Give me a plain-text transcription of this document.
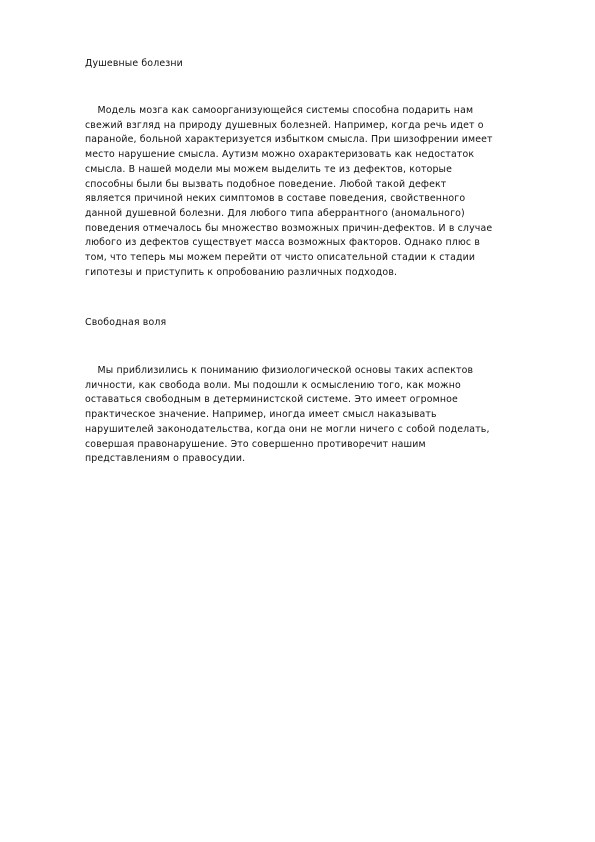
Душевные болезни
Модель мозга как самоорганизующейся системы способна подарить нам
свежий взгляд на природу душевных болезней. Например, когда речь идет о
паранойе, больной характеризуется избытком смысла. При шизофрении имеет
место нарушение смысла. Аутизм можно охарактеризовать как недостаток
смысла. В нашей модели мы можем выделить те из дефектов, которые
способны были бы вызвать подобное поведение. Любой такой дефект
является причиной неких симптомов в составе поведения, свойственного
данной душевной болезни. Для любого типа аберрантного (аномального)
поведения отмечалось бы множество возможных причин-дефектов. И в случае
любого из дефектов существует масса возможных факторов. Однако плюс в
том, что теперь мы можем перейти от чисто описательной стадии к стадии
гипотезы и приступить к опробованию различных подходов.
Свободная воля
Мы приблизились к пониманию физиологической основы таких аспектов
личности, как свобода воли. Мы подошли к осмыслению того, как можно
оставаться свободным в детерминистской системе. Это имеет огромное
практическое значение. Например, иногда имеет смысл наказывать
нарушителей законодательства, когда они не могли ничего с собой поделать,
совершая правонарушение. Это совершенно противоречит нашим
представлениям о правосудии.
